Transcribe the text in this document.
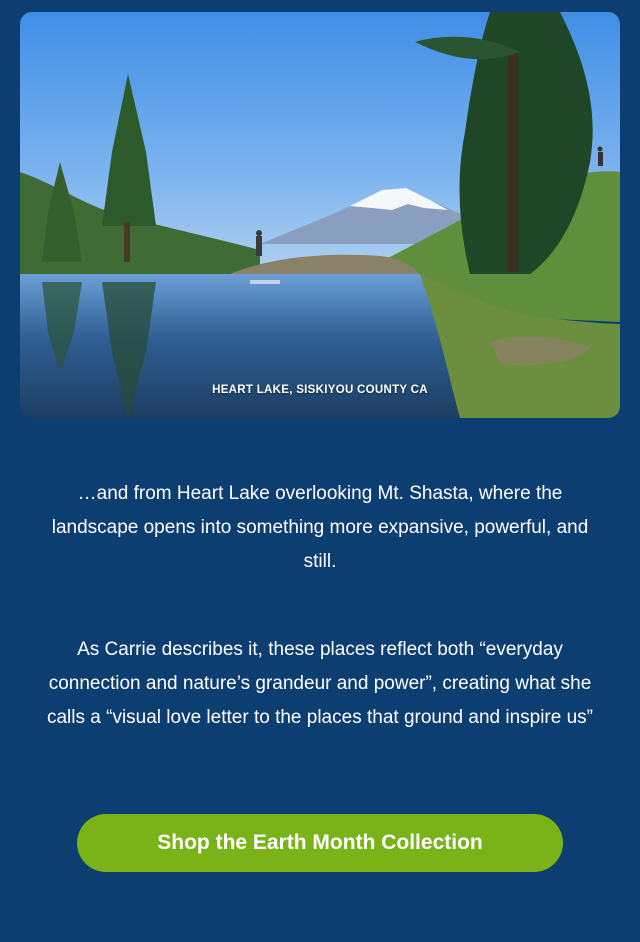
HEART LAKE, SISKIYOU COUNTY CA

…and from Heart Lake overlooking Mt. Shasta, where the landscape opens into something more expansive, powerful, and still.

As Carrie describes it, these places reflect both “everyday connection and nature’s grandeur and power”, creating what she calls a “visual love letter to the places that ground and inspire us”

Shop the Earth Month Collection
